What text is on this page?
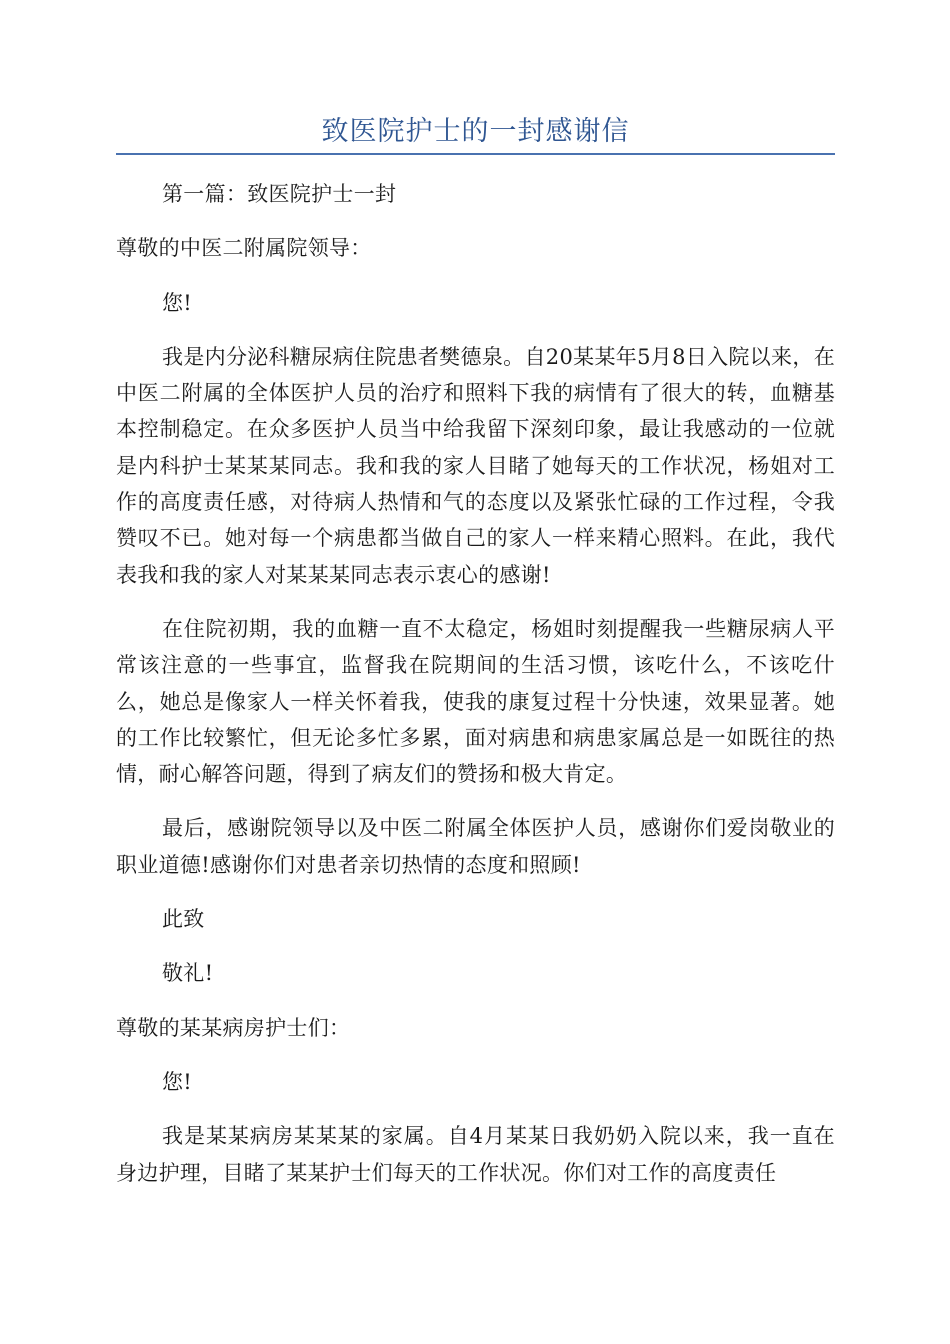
致医院护士的一封感谢信

第一篇：致医院护士一封

尊敬的中医二附属院领导：

您!

我是内分泌科糖尿病住院患者樊德泉。自20某某年5月8日入院以来，在中医二附属的全体医护人员的治疗和照料下我的病情有了很大的转，血糖基本控制稳定。在众多医护人员当中给我留下深刻印象，最让我感动的一位就是内科护士某某某同志。我和我的家人目睹了她每天的工作状况，杨姐对工作的高度责任感，对待病人热情和气的态度以及紧张忙碌的工作过程，令我赞叹不已。她对每一个病患都当做自己的家人一样来精心照料。在此，我代表我和我的家人对某某某同志表示衷心的感谢!

在住院初期，我的血糖一直不太稳定，杨姐时刻提醒我一些糖尿病人平常该注意的一些事宜，监督我在院期间的生活习惯，该吃什么，不该吃什么，她总是像家人一样关怀着我，使我的康复过程十分快速，效果显著。她的工作比较繁忙，但无论多忙多累，面对病患和病患家属总是一如既往的热情，耐心解答问题，得到了病友们的赞扬和极大肯定。

最后，感谢院领导以及中医二附属全体医护人员，感谢你们爱岗敬业的职业道德!感谢你们对患者亲切热情的态度和照顾!

此致

敬礼!

尊敬的某某病房护士们：

您!

我是某某病房某某某的家属。自4月某某日我奶奶入院以来，我一直在身边护理，目睹了某某护士们每天的工作状况。你们对工作的高度责任
